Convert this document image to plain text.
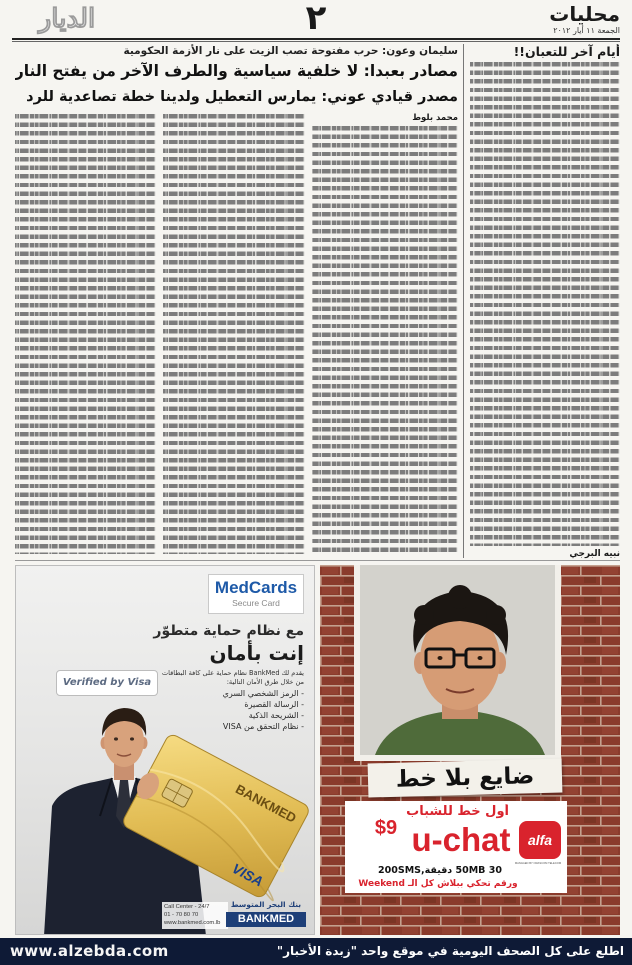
الديار	٢	محليات
الجمعة ١١ أيار ٢٠١٢
أيام آخر للتعبان!!
نبيه البرجي
سليمان وعون: حرب مفتوحة تصب الزيت على نار الأزمة الحكومية
مصادر بعبدا: لا خلفية سياسية والطرف الآخر من يفتح النار
مصدر قيادي عوني: يمارس التعطيل ولدينا خطة تصاعدية للرد
محمد بلوط
BANKMED
VISA
MedCards
Secure Card
مع نظام حماية متطوّر
إنت بأمان
يقدم لك BankMed نظام حماية على كافة البطاقات من خلال طرق الأمان التالية:
- الرمز الشخصي السري
- الرسالة القصيرة
- الشريحة الذكية
- نظام التحقق من VISA
Verified by Visa
Call Center - 24/7
01 - 70 80 70
www.bankmed.com.lb
بنك البحر المتوسط
BANKMED
ضايع بلا خط
أول خط للشباب
$9 u-chat	alfa
MANAGED BY ORASCOM TELECOM
50MB 30 دقيقة,200SMS
ورقم تحكي ببلاش كل الـ Weekend
www.alzebda.com	اطلع على كل الصحف اليومية في موقع واحد "زبدة الأخبار"
